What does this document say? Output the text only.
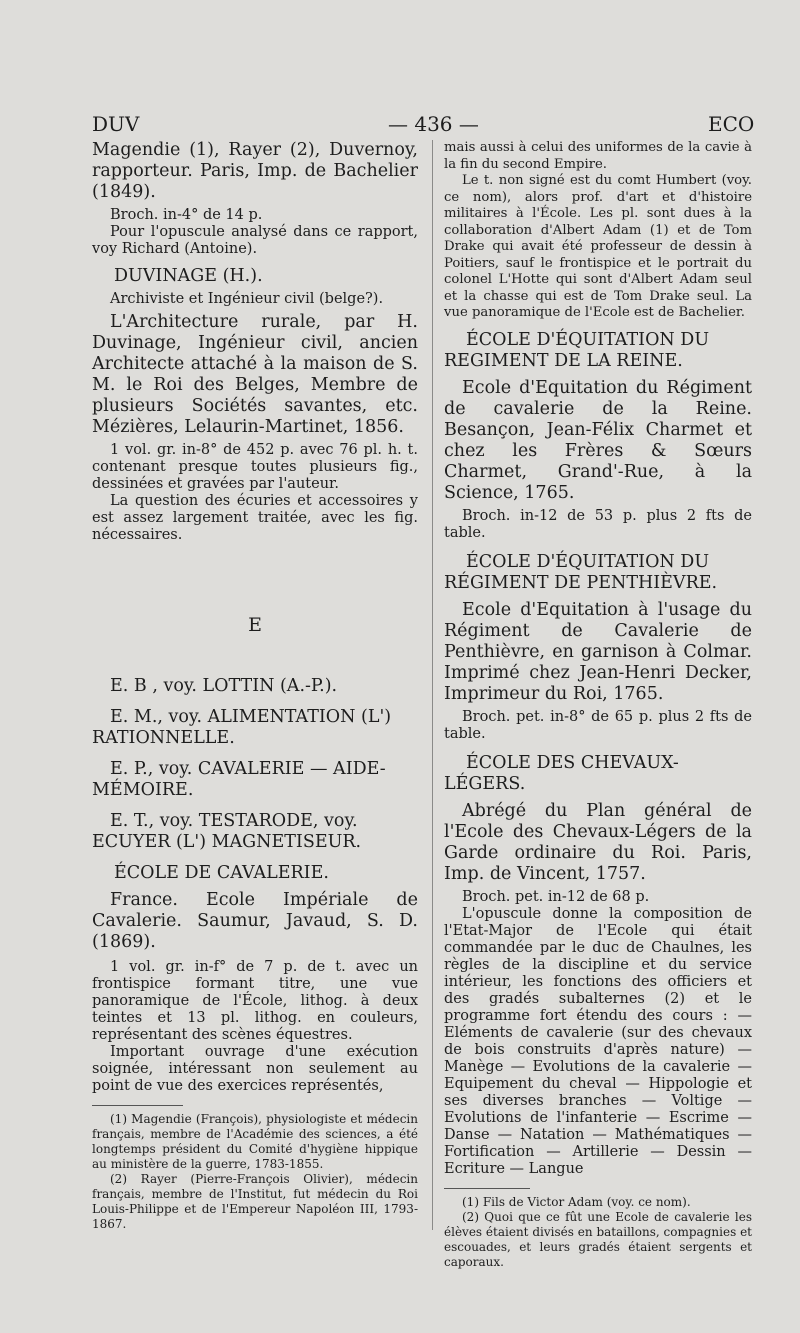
DUV	— 436 —	ECO

Magendie (1), Rayer (2), Duvernoy, rapporteur. Paris, Imp. de Bachelier (1849).

Broch. in-4° de 14 p.

Pour l'opuscule analysé dans ce rapport, voy Richard (Antoine).

DUVINAGE (H.).

Archiviste et Ingénieur civil (belge?).

L'Architecture rurale, par H. Duvinage, Ingénieur civil, ancien Architecte attaché à la maison de S. M. le Roi des Belges, Membre de plusieurs Sociétés savantes, etc. Mézières, Lelaurin-Martinet, 1856.

1 vol. gr. in-8° de 452 p. avec 76 pl. h. t. contenant presque toutes plusieurs fig., dessinées et gravées par l'auteur.

La question des écuries et accessoires y est assez largement traitée, avec les fig. nécessaires.

E

E. B , voy. LOTTIN (A.-P.).

E. M., voy. ALIMENTATION (L') RATIONNELLE.

E. P., voy. CAVALERIE — AIDE-MÉMOIRE.

E. T., voy. TESTARODE, voy. ECUYER (L') MAGNETISEUR.

ÉCOLE DE CAVALERIE.

France. Ecole Impériale de Cavalerie. Saumur, Javaud, S. D. (1869).

1 vol. gr. in-f° de 7 p. de t. avec un frontispice formant titre, une vue panoramique de l'École, lithog. à deux teintes et 13 pl. lithog. en couleurs, représentant des scènes équestres.

Important ouvrage d'une exécution soignée, intéressant non seulement au point de vue des exercices représentés,

(1) Magendie (François), physiologiste et médecin français, membre de l'Académie des sciences, a été longtemps président du Comité d'hygiène hippique au ministère de la guerre, 1783-1855.

(2) Rayer (Pierre-François Olivier), médecin français, membre de l'Institut, fut médecin du Roi Louis-Philippe et de l'Empereur Napoléon III, 1793-1867.

mais aussi à celui des uniformes de la cavie à la fin du second Empire.

Le t. non signé est du comt Humbert (voy. ce nom), alors prof. d'art et d'histoire militaires à l'École. Les pl. sont dues à la collaboration d'Albert Adam (1) et de Tom Drake qui avait été professeur de dessin à Poitiers, sauf le frontispice et le portrait du colonel L'Hotte qui sont d'Albert Adam seul et la chasse qui est de Tom Drake seul. La vue panoramique de l'Ecole est de Bachelier.

ÉCOLE D'ÉQUITATION DU REGIMENT DE LA REINE.

Ecole d'Equitation du Régiment de cavalerie de la Reine. Besançon, Jean-Félix Charmet et chez les Frères & Sœurs Charmet, Grand'-Rue, à la Science, 1765.

Broch. in-12 de 53 p. plus 2 fts de table.

ÉCOLE D'ÉQUITATION DU RÉGIMENT DE PENTHIÈVRE.

Ecole d'Equitation à l'usage du Régiment de Cavalerie de Penthièvre, en garnison à Colmar. Imprimé chez Jean-Henri Decker, Imprimeur du Roi, 1765.

Broch. pet. in-8° de 65 p. plus 2 fts de table.

ÉCOLE DES CHEVAUX-LÉGERS.

Abrégé du Plan général de l'Ecole des Chevaux-Légers de la Garde ordinaire du Roi. Paris, Imp. de Vincent, 1757.

Broch. pet. in-12 de 68 p.

L'opuscule donne la composition de l'Etat-Major de l'Ecole qui était commandée par le duc de Chaulnes, les règles de la discipline et du service intérieur, les fonctions des officiers et des gradés subalternes (2) et le programme fort étendu des cours : — Eléments de cavalerie (sur des chevaux de bois construits d'après nature) — Manège — Evolutions de la cavalerie — Equipement du cheval — Hippologie et ses diverses branches — Voltige — Evolutions de l'infanterie — Escrime — Danse — Natation — Mathématiques — Fortification — Artillerie — Dessin — Ecriture — Langue

(1) Fils de Victor Adam (voy. ce nom).

(2) Quoi que ce fût une Ecole de cavalerie les élèves étaient divisés en bataillons, compagnies et escouades, et leurs gradés étaient sergents et caporaux.
